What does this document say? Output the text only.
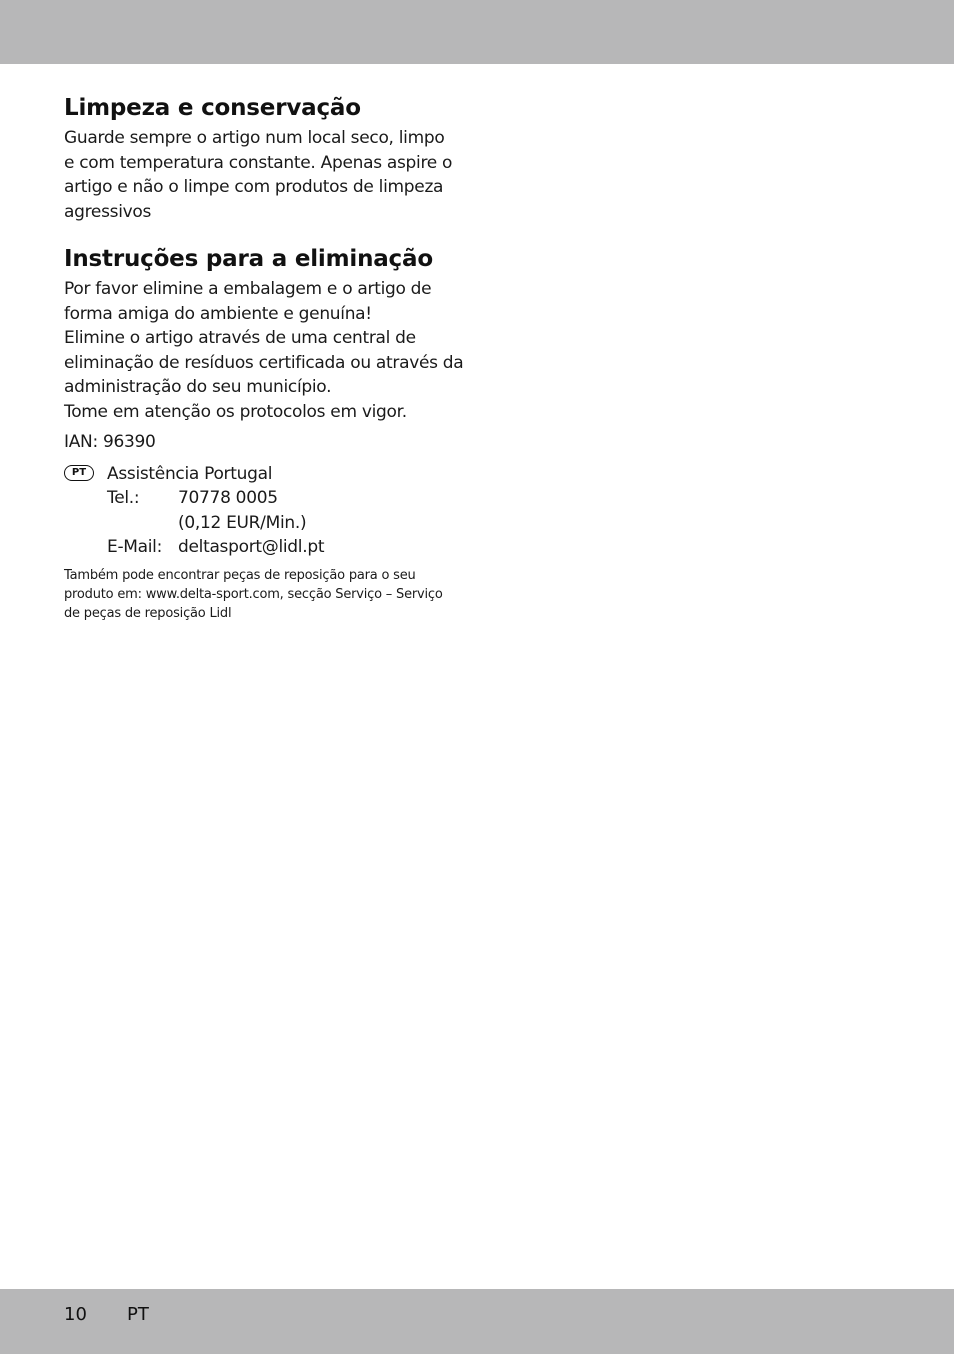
Limpeza e conservação
Guarde sempre o artigo num local seco, limpo
e com temperatura constante. Apenas aspire o
artigo e não o limpe com produtos de limpeza
agressivos
Instruções para a eliminação
Por favor elimine a embalagem e o artigo de
forma amiga do ambiente e genuína!
Elimine o artigo através de uma central de
eliminação de resíduos certificada ou através da
administração do seu município.
Tome em atenção os protocolos em vigor.
IAN: 96390
PT	Assistência Portugal
Tel.:	70778 0005
(0,12 EUR/Min.)
E-Mail: deltasport@lidl.pt
Também pode encontrar peças de reposição para o seu
produto em: www.delta-sport.com, secção Serviço – Serviço
de peças de reposição Lidl
10 PT
